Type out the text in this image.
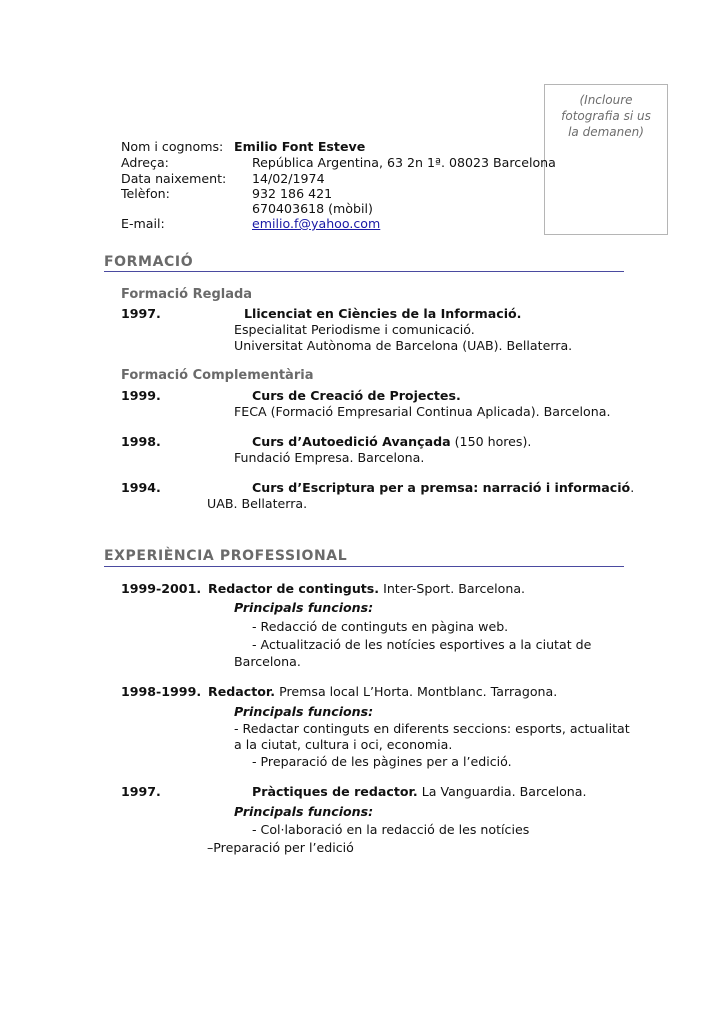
(Incloure
fotografia si us
la demanen)
Nom i cognoms: Emilio Font Esteve
Adreça:	República Argentina, 63 2n 1ª. 08023 Barcelona
Data naixement: 14/02/1974
Telèfon:	932 186 421
670403618 (mòbil)
E-mail:	emilio.f@yahoo.com
FORMACIÓ
Formació Reglada
1997.	Llicenciat en Ciències de la Informació.
Especialitat Periodisme i comunicació.
Universitat Autònoma de Barcelona (UAB). Bellaterra.
Formació Complementària
1999.	Curs de Creació de Projectes.
FECA (Formació Empresarial Continua Aplicada). Barcelona.
1998.	Curs d’Autoedició Avançada (150 hores).
Fundació Empresa. Barcelona.
1994.	Curs d’Escriptura per a premsa: narració i informació.
UAB. Bellaterra.
EXPERIÈNCIA PROFESSIONAL
1999-2001. Redactor de continguts. Inter-Sport. Barcelona.
Principals funcions:
- Redacció de continguts en pàgina web.
- Actualització de les notícies esportives a la ciutat de
Barcelona.
1998-1999. Redactor. Premsa local L’Horta. Montblanc. Tarragona.
Principals funcions:
- Redactar continguts en diferents seccions: esports, actualitat
a la ciutat, cultura i oci, economia.
- Preparació de les pàgines per a l’edició.
1997.	Pràctiques de redactor. La Vanguardia. Barcelona.
Principals funcions:
- Col·laboració en la redacció de les notícies
–Preparació per l’edició
